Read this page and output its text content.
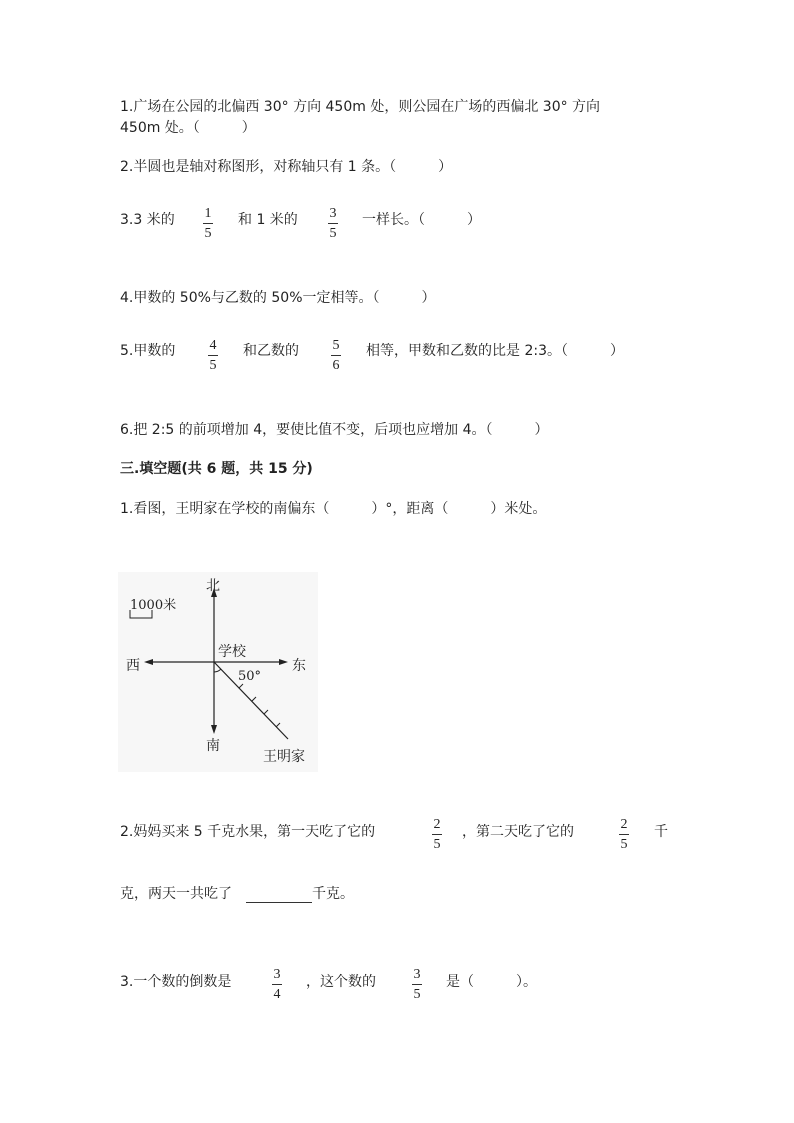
1.广场在公园的北偏西 30° 方向 450m 处，则公园在广场的西偏北 30° 方向
450m 处。（　　　）
2.半圆也是轴对称图形，对称轴只有 1 条。（　　　）
3.3 米的 1
5
和 1 米的 3
5
一样长。（　　　）
4.甲数的 50%与乙数的 50%一定相等。（　　　）
5.甲数的 4
5
和乙数的 5
6
相等，甲数和乙数的比是 2:3。（　　　）
6.把 2:5 的前项增加 4，要使比值不变，后项也应增加 4。（　　　）
三.填空题(共 6 题，共 15 分)
1.看图，王明家在学校的南偏东（　　　）°，距离（　　　）米处。
北
南
东
西
学校
50°
1000米
王明家
2.妈妈买来 5 千克水果，第一天吃了它的	2
5
，第二天吃了它的	2
5
千
克，两天一共吃了	千克。
3.一个数的倒数是	3
4
，这个数的	3
5
是（　　　）。
